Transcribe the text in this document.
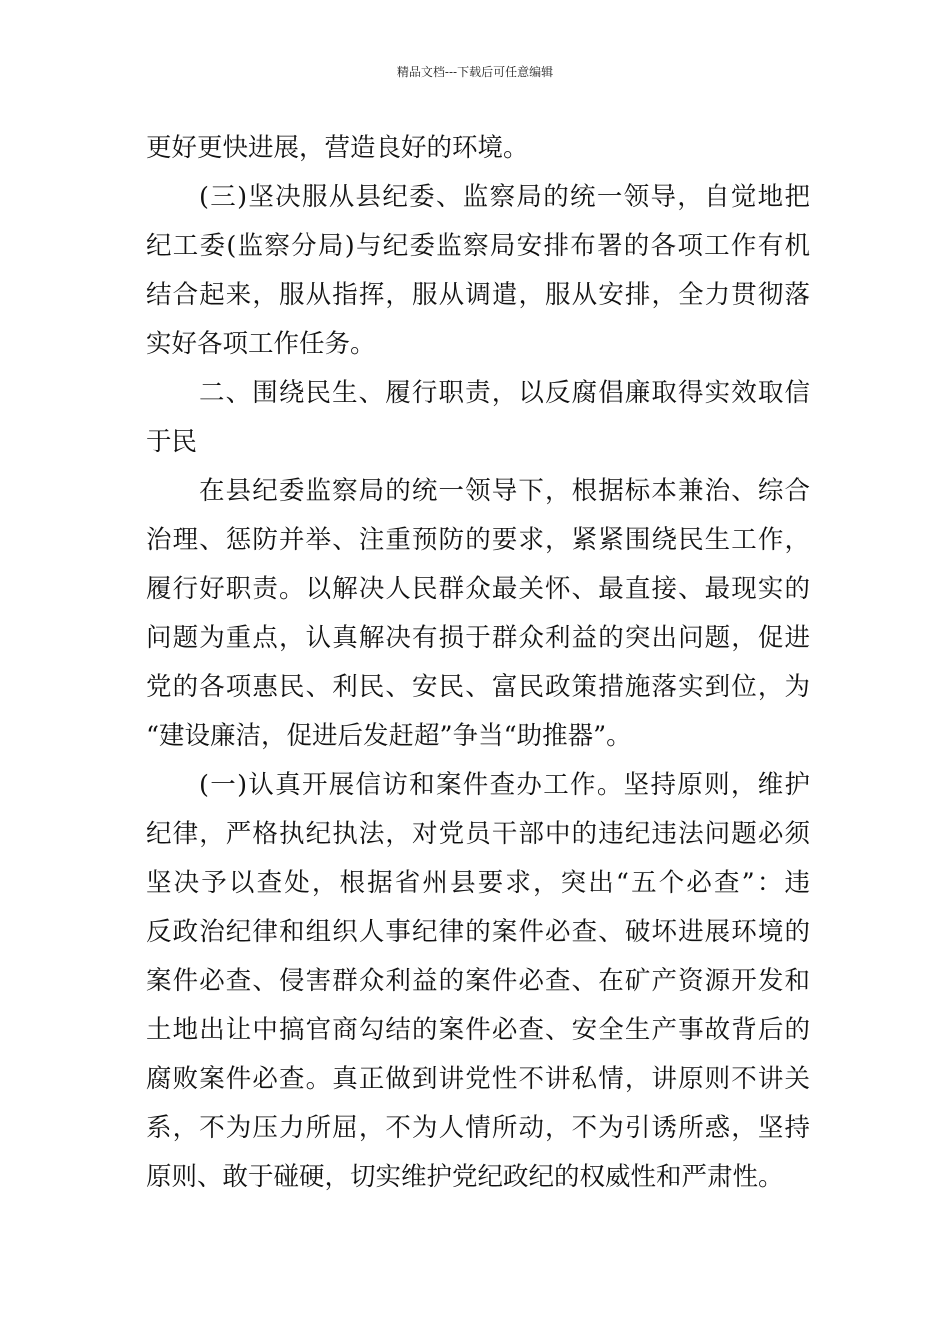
精品文档---下载后可任意编辑
更好更快进展，营造良好的环境。
(三)坚决服从县纪委、监察局的统一领导，自觉地把
纪工委(监察分局)与纪委监察局安排布署的各项工作有机
结合起来，服从指挥，服从调遣，服从安排，全力贯彻落
实好各项工作任务。
二、围绕民生、履行职责，以反腐倡廉取得实效取信
于民
在县纪委监察局的统一领导下，根据标本兼治、综合
治理、惩防并举、注重预防的要求，紧紧围绕民生工作，
履行好职责。以解决人民群众最关怀、最直接、最现实的
问题为重点，认真解决有损于群众利益的突出问题，促进
党的各项惠民、利民、安民、富民政策措施落实到位，为
“建设廉洁，促进后发赶超”争当“助推器”。
(一)认真开展信访和案件查办工作。坚持原则，维护
纪律，严格执纪执法，对党员干部中的违纪违法问题必须
坚决予以查处，根据省州县要求，突出“五个必查”：违
反政治纪律和组织人事纪律的案件必查、破坏进展环境的
案件必查、侵害群众利益的案件必查、在矿产资源开发和
土地出让中搞官商勾结的案件必查、安全生产事故背后的
腐败案件必查。真正做到讲党性不讲私情，讲原则不讲关
系，不为压力所屈，不为人情所动，不为引诱所惑，坚持
原则、敢于碰硬，切实维护党纪政纪的权威性和严肃性。
